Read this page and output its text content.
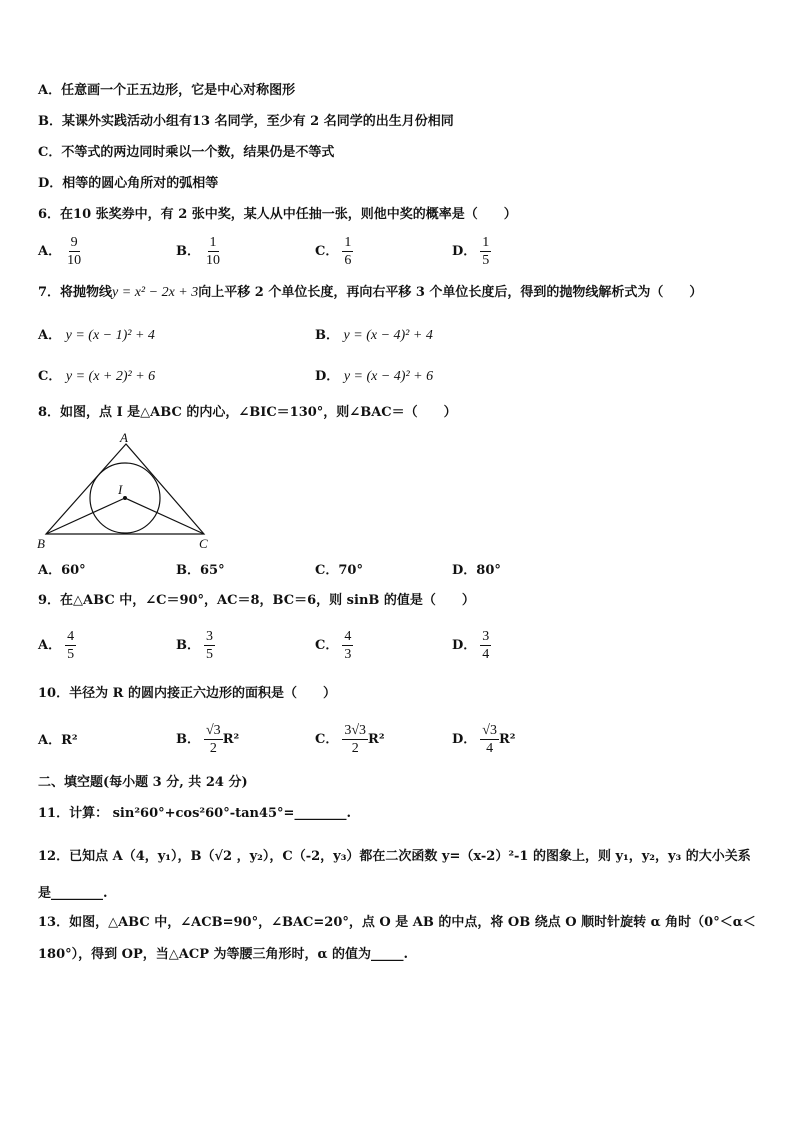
A．任意画一个正五边形，它是中心对称图形
B．某课外实践活动小组有13 名同学，至少有 2 名同学的出生月份相同
C．不等式的两边同时乘以一个数，结果仍是不等式
D．相等的圆心角所对的弧相等
6．在10 张奖券中，有 2 张中奖，某人从中任抽一张，则他中奖的概率是（　　）
A． $\frac{9}{10}$	B． $\frac{1}{10}$	C． $\frac{1}{6}$	D． $\frac{1}{5}$
7．将抛物线y = x² − 2x + 3向上平移 2 个单位长度，再向右平移 3 个单位长度后，得到的抛物线解析式为（　　）
A． y = (x − 1)² + 4	B． y = (x − 4)² + 4
C． y = (x + 2)² + 6	D． y = (x − 4)² + 6
8．如图，点 I 是△ABC 的内心，∠BIC＝130°，则∠BAC＝（　　）
A
B	C
I
A．60°	B．65°	C．70°	D．80°
9．在△ABC 中，∠C＝90°，AC＝8，BC＝6，则 sinB 的值是（　　）
A． $\frac{4}{5}$	B． $\frac{3}{5}$	C． $\frac{4}{3}$	D． $\frac{3}{4}$
10．半径为 R 的圆内接正六边形的面积是（　　）
A．R²	B． $\frac{√3}{2} R^2$	C． $\frac{3√3}{2} R^2$	D． $\frac{√3}{4} R^2$
二、填空题(每小题 3 分, 共 24 分)
11．计算： sin²60°+cos²60°-tan45°=________.
12．已知点 A（4，y₁），B（√2 ，y₂），C（-2，y₃）都在二次函数 y=（x-2）²-1 的图象上，则 y₁，y₂，y₃ 的大小关系
是________.
13．如图，△ABC 中，∠ACB=90°，∠BAC=20°，点 O 是 AB 的中点，将 OB 绕点 O 顺时针旋转 α 角时（0°＜α＜
180°），得到 OP，当△ACP 为等腰三角形时，α 的值为_____.
